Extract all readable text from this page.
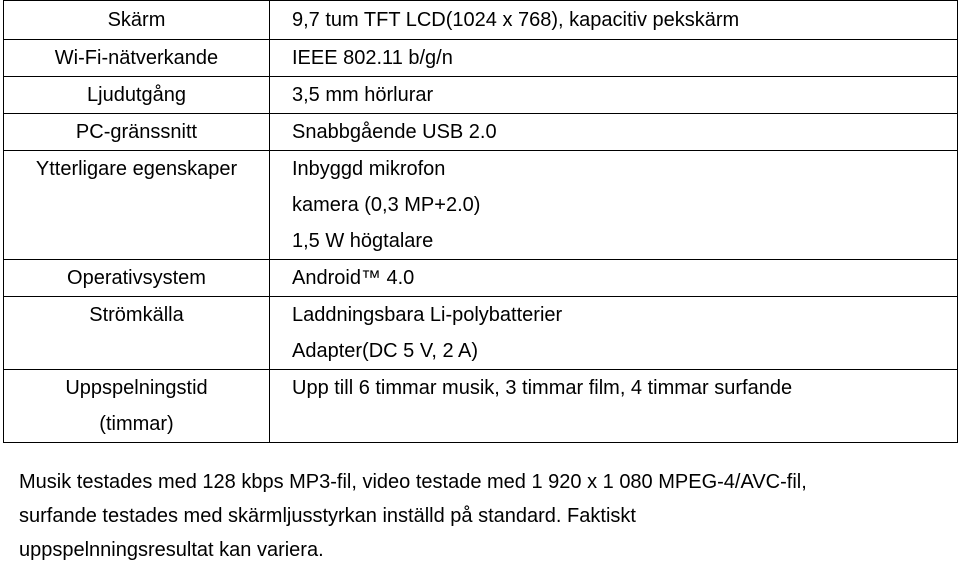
Skärm	9,7 tum TFT LCD(1024 x 768), kapacitiv pekskärm

Wi-Fi-nätverkande	IEEE 802.11 b/g/n

Ljudutgång	3,5 mm hörlurar

PC-gränssnitt	Snabbgående USB 2.0

Ytterligare egenskaper	Inbyggd mikrofon
kamera (0,3 MP+2.0)
1,5 W högtalare

Operativsystem	Android™ 4.0

Strömkälla	Laddningsbara Li-polybatterier
Adapter(DC 5 V, 2 A)

Uppspelningstid
(timmar)	Upp till 6 timmar musik, 3 timmar film, 4 timmar surfande

Musik testades med 128 kbps MP3-fil, video testade med 1 920 x 1 080 MPEG-4/AVC-fil,
surfande testades med skärmljusstyrkan inställd på standard. Faktiskt
uppspelnningsresultat kan variera.
